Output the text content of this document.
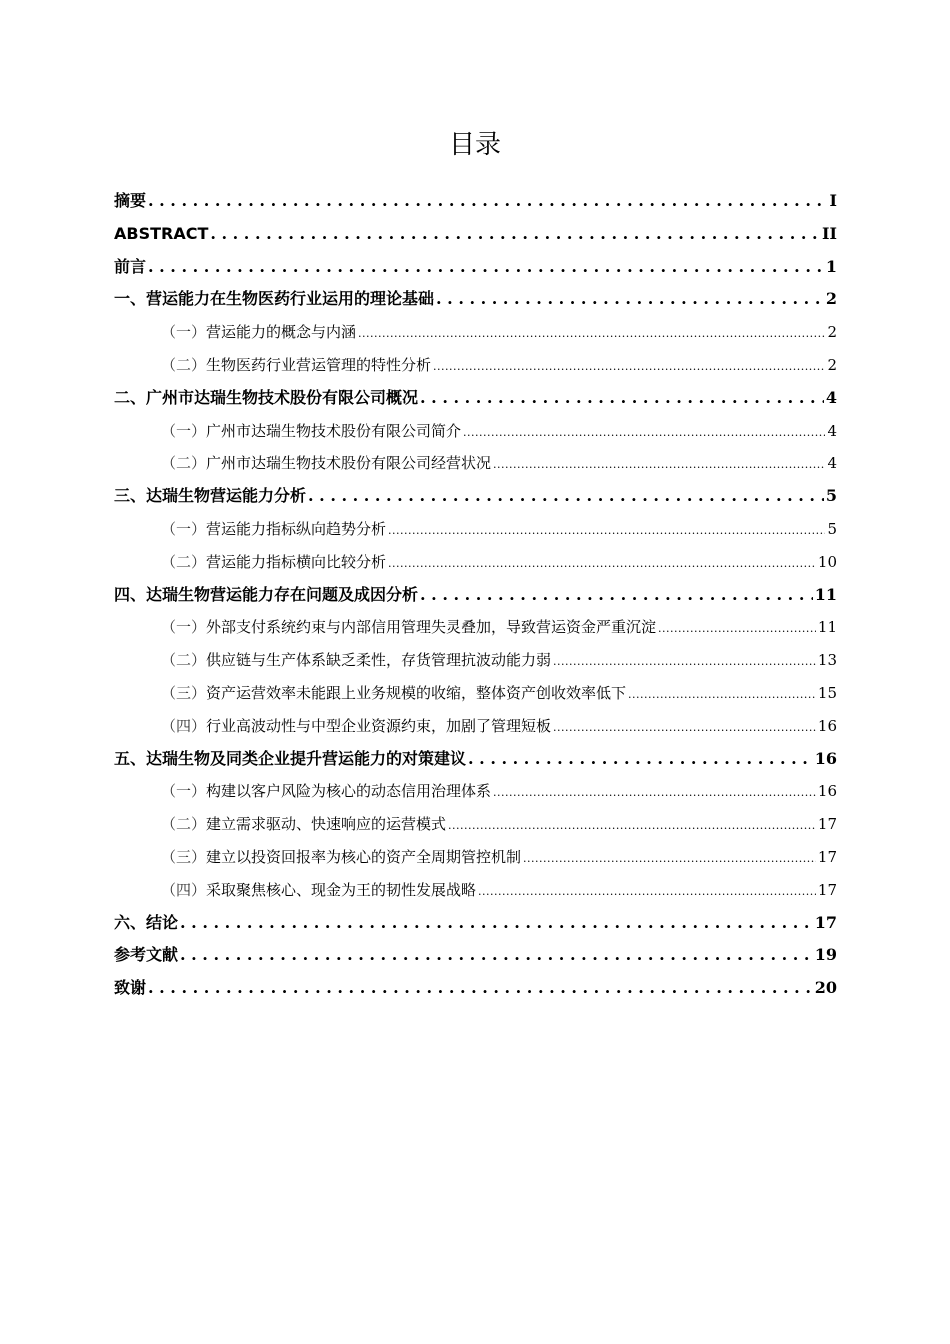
目录
摘要 . . .	I
ABSTRACT . . .	II
前言 . . .	1
一、 营运能力在生物医药行业运用的理论基础 . . .	2
（一） 营运能力的概念与内涵 .....	2
（二） 生物医药行业营运管理的特性分析 .....	2
二、 广州市达瑞生物技术股份有限公司概况 . . .	4
（一） 广州市达瑞生物技术股份有限公司简介 .....	4
（二） 广州市达瑞生物技术股份有限公司经营状况 .....	4
三、 达瑞生物营运能力分析 . . .	5
（一） 营运能力指标纵向趋势分析 .....	5
（二） 营运能力指标横向比较分析 .....	10
四、 达瑞生物营运能力存在问题及成因分析 . . .	11
（一） 外部支付系统约束与内部信用管理失灵叠加，导致营运资金严重沉淀 .....	11
（二） 供应链与生产体系缺乏柔性，存货管理抗波动能力弱 .....	13
（三） 资产运营效率未能跟上业务规模的收缩，整体资产创收效率低下 .....	15
（四） 行业高波动性与中型企业资源约束，加剧了管理短板 .....	16
五、 达瑞生物及同类企业提升营运能力的对策建议 . . .	16
（一） 构建以客户风险为核心的动态信用治理体系 .....	16
（二） 建立需求驱动、快速响应的运营模式 .....	17
（三） 建立以投资回报率为核心的资产全周期管控机制 .....	17
（四） 采取聚焦核心、现金为王的韧性发展战略 .....	17
六、 结论 . . .	17
参考文献 . . .	19
致谢 . . .	20
